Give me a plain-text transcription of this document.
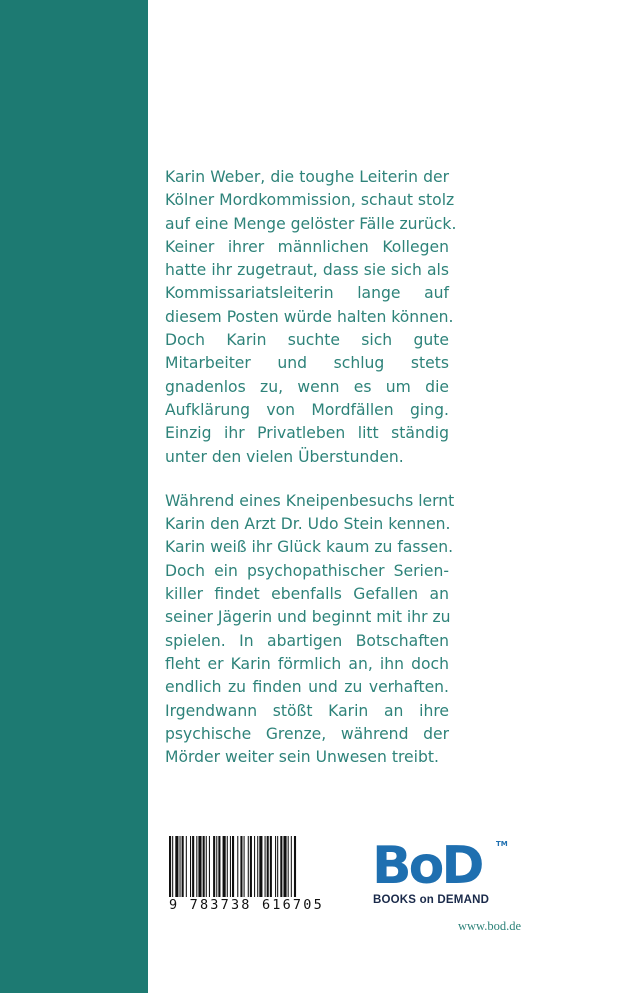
Karin Weber, die toughe Leiterin der
Kölner Mordkommission, schaut stolz
auf eine Menge gelöster Fälle zurück.
Keiner ihrer männlichen Kollegen
hatte ihr zugetraut, dass sie sich als
Kommissariatsleiterin lange auf
diesem Posten würde halten können.
Doch Karin suchte sich gute
Mitarbeiter und schlug stets
gnadenlos zu, wenn es um die
Aufklärung von Mordfällen ging.
Einzig ihr Privatleben litt ständig
unter den vielen Überstunden.
Während eines Kneipenbesuchs lernt
Karin den Arzt Dr. Udo Stein kennen.
Karin weiß ihr Glück kaum zu fassen.
Doch ein psychopathischer Serien-
killer findet ebenfalls Gefallen an
seiner Jägerin und beginnt mit ihr zu
spielen. In abartigen Botschaften
fleht er Karin förmlich an, ihn doch
endlich zu finden und zu verhaften.
Irgendwann stößt Karin an ihre
psychische Grenze, während der
Mörder weiter sein Unwesen treibt.
9 783738 616705
BoD TM
BOOKS on DEMAND
www.bod.de
